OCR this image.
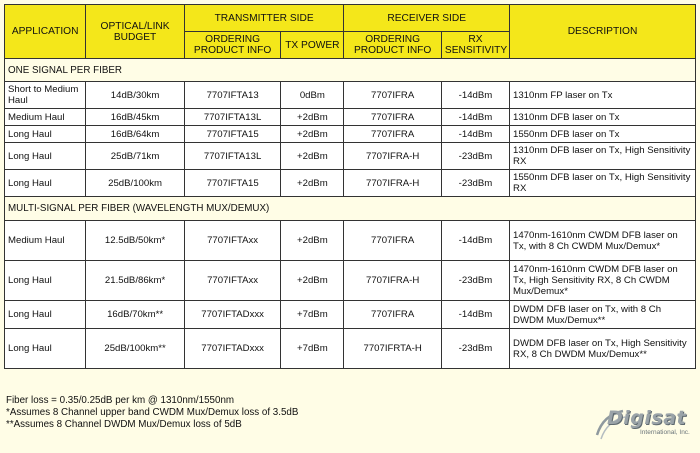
APPLICATION	OPTICAL/LINK BUDGET	TRANSMITTER SIDE		RECEIVER SIDE		DESCRIPTION
		ORDERING PRODUCT INFO	TX POWER	ORDERING PRODUCT INFO	RX SENSITIVITY	
ONE SIGNAL PER FIBER						
Short to Medium Haul	14dB/30km	7707IFTA13	0dBm	7707IFRA	-14dBm	1310nm FP laser on Tx
Medium Haul	16dB/45km	7707IFTA13L	+2dBm	7707IFRA	-14dBm	1310nm DFB laser on Tx
Long Haul	16dB/64km	7707IFTA15	+2dBm	7707IFRA	-14dBm	1550nm DFB laser on Tx
Long Haul	25dB/71km	7707IFTA13L	+2dBm	7707IFRA-H	-23dBm	1310nm DFB laser on Tx, High Sensitivity RX
Long Haul	25dB/100km	7707IFTA15	+2dBm	7707IFRA-H	-23dBm	1550nm DFB laser on Tx, High Sensitivity RX
MULTI-SIGNAL PER FIBER (WAVELENGTH MUX/DEMUX)						
Medium Haul	12.5dB/50km*	7707IFTAxx	+2dBm	7707IFRA	-14dBm	1470nm-1610nm CWDM DFB laser on Tx, with 8 Ch CWDM Mux/Demux*
Long Haul	21.5dB/86km*	7707IFTAxx	+2dBm	7707IFRA-H	-23dBm	1470nm-1610nm CWDM DFB laser on Tx, High Sensitivity RX, 8 Ch CWDM Mux/Demux*
Long Haul	16dB/70km**	7707IFTADxxx	+7dBm	7707IFRA	-14dBm	DWDM DFB laser on Tx, with 8 Ch DWDM Mux/Demux**
Long Haul	25dB/100km**	7707IFTADxxx	+7dBm	7707IFRTA-H	-23dBm	DWDM DFB laser on Tx, High Sensitivity RX, 8 Ch DWDM Mux/Demux**
Fiber loss = 0.35/0.25dB per km @ 1310nm/1550nm
*Assumes 8 Channel upper band CWDM Mux/Demux loss of 3.5dB
**Assumes 8 Channel DWDM Mux/Demux loss of 5dB	Digisat
International, Inc.
